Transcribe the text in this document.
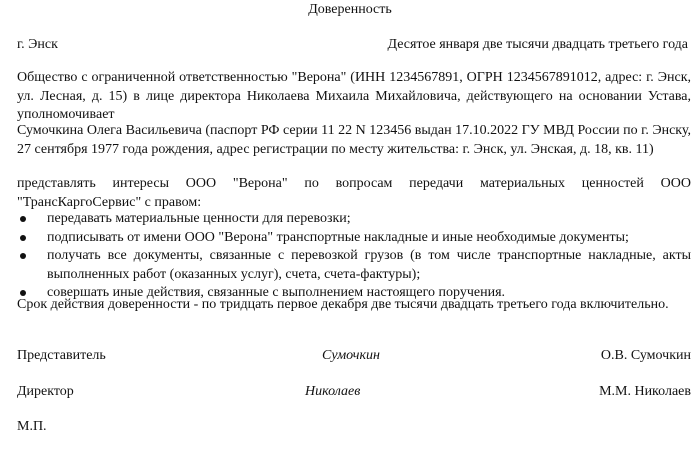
Доверенность
г. Энск	Десятое января две тысячи двадцать третьего года
Общество с ограниченной ответственностью "Верона" (ИНН 1234567891, ОГРН 1234567891012, адрес: г. Энск, ул. Лесная, д. 15) в лице директора Николаева Михаила Михайловича, действующего на основании Устава, уполномочивает
Сумочкина Олега Васильевича (паспорт РФ серии 11 22 N 123456 выдан 17.10.2022 ГУ МВД России по г. Энску, 27 сентября 1977 года рождения, адрес регистрации по месту жительства: г. Энск, ул. Энская, д. 18, кв. 11)
представлять интересы ООО "Верона" по вопросам передачи материальных ценностей ООО "ТрансКаргоСервис" с правом:
передавать материальные ценности для перевозки;
подписывать от имени ООО "Верона" транспортные накладные и иные необходимые документы;
получать все документы, связанные с перевозкой грузов (в том числе транспортные накладные, акты выполненных работ (оказанных услуг), счета, счета-фактуры);
совершать иные действия, связанные с выполнением настоящего поручения.
Срок действия доверенности - по тридцать первое декабря две тысячи двадцать третьего года включительно.
Представитель	Сумочкин	О.В. Сумочкин
Директор	Николаев	М.М. Николаев
М.П.
